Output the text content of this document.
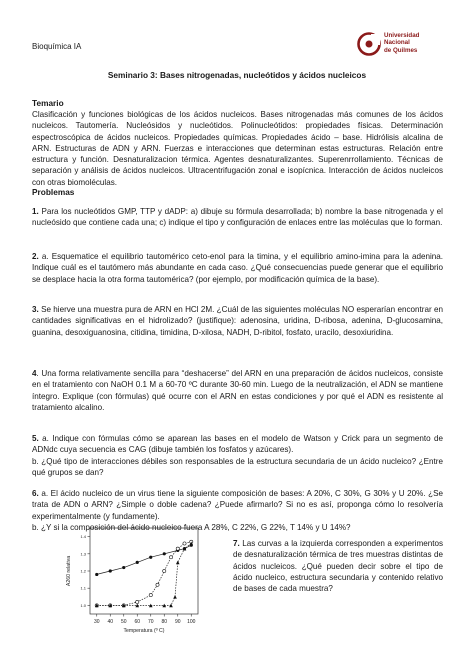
Bioquímica IA
Universidad
Nacional
de Quilmes
Seminario 3: Bases nitrogenadas, nucleótidos y ácidos nucleicos
Temario

Clasificación y funciones biológicas de los ácidos nucleicos. Bases nitrogenadas más comunes de los ácidos nucleicos. Tautomería. Nucleósidos y nucleótidos. Polinucleótidos: propiedades físicas. Determinación espectroscópica de ácidos nucleicos. Propiedades químicas. Propiedades ácido – base. Hidrólisis alcalina de ARN. Estructuras de ADN y ARN. Fuerzas e interacciones que determinan estas estructuras. Relación entre estructura y función. Desnaturalizacion térmica. Agentes desnaturalizantes. Superenrrollamiento. Técnicas de separación y análisis de ácidos nucleicos. Ultracentrifugación zonal e isopícnica. Interacción de ácidos nucleicos con otras biomoléculas.

Problemas

1. Para los nucleótidos GMP, TTP y dADP: a) dibuje su fórmula desarrollada; b) nombre la base nitrogenada y el nucleósido que contiene cada una; c) indique el tipo y configuración de enlaces entre las moléculas que lo forman.

2. a. Esquematice el equilibrio tautomérico ceto-enol para la timina, y el equilibrio amino-imina para la adenina. Indique cuál es el tautómero más abundante en cada caso. ¿Qué consecuencias puede generar que el equilibrio se desplace hacia la otra forma tautomérica? (por ejemplo, por modificación química de la base).

3. Se hierve una muestra pura de ARN en HCl 2M. ¿Cuál de las siguientes moléculas NO esperarían encontrar en cantidades significativas en el hidrolizado? (justifique): adenosina, uridina, D-ribosa, adenina, D-glucosamina, guanina, desoxiguanosina, citidina, timidina, D-xilosa, NADH, D-ribitol, fosfato, uracilo, desoxiuridina.

4. Una forma relativamente sencilla para “deshacerse” del ARN en una preparación de ácidos nucleicos, consiste en el tratamiento con NaOH 0.1 M a 60-70 ºC durante 30-60 min. Luego de la neutralización, el ADN se mantiene íntegro. Explique (con fórmulas) qué ocurre con el ARN en estas condiciones y por qué el ADN es resistente al tratamiento alcalino.

5. a. Indique con fórmulas cómo se aparean las bases en el modelo de Watson y Crick para un segmento de ADNdc cuya secuencia es CAG (dibuje también los fosfatos y azúcares).
b. ¿Qué tipo de interacciones débiles son responsables de la estructura secundaria de un ácido nucleico? ¿Entre qué grupos se dan?

6. a. El ácido nucleico de un virus tiene la siguiente composición de bases: A 20%, C 30%, G 30% y U 20%. ¿Se trata de ADN o ARN? ¿Simple o doble cadena? ¿Puede afirmarlo? Si no es así, proponga cómo lo resolvería experimentalmente (y fundamente).
b. ¿Y si la composición del ácido nucleico fuera A 28%, C 22%, G 22%, T 14% y U 14%?

30 40 50 60 70 80 90 100
1.0
1.1
1.2
1.3
1.4
Temperatura (º C)
A260 relativa
7. Las curvas a la izquierda corresponden a experimentos de desnaturalización térmica de tres muestras distintas de ácidos nucleicos. ¿Qué pueden decir sobre el tipo de ácido nucleico, estructura secundaria y contenido relativo de bases de cada muestra?
